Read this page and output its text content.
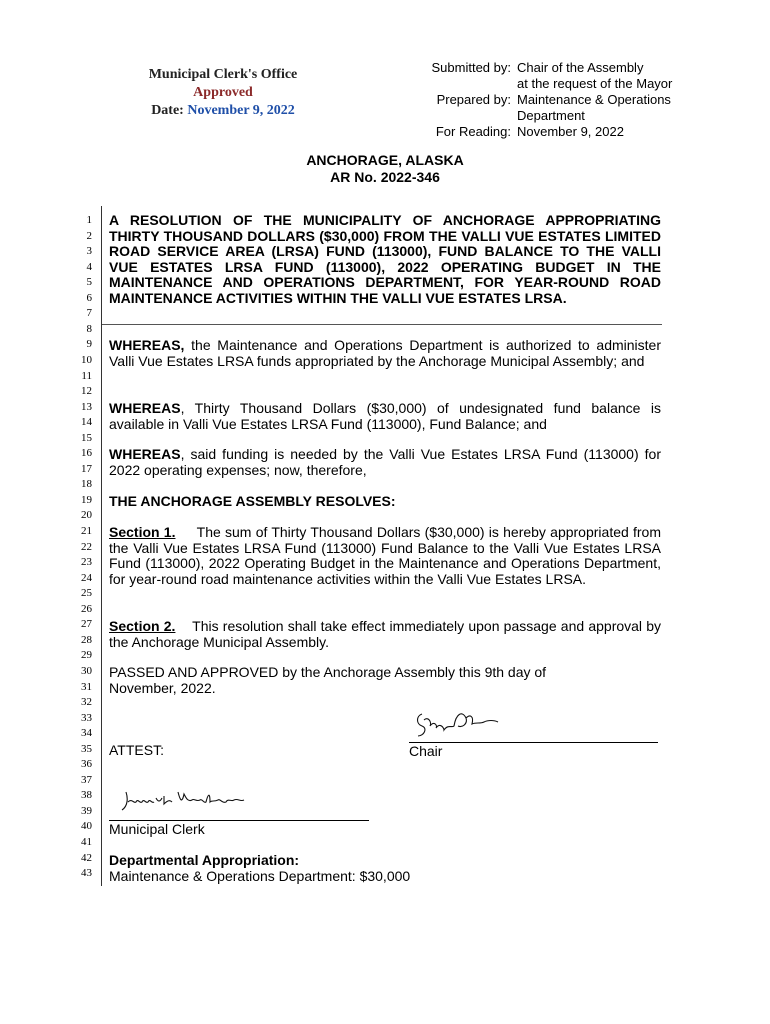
Municipal Clerk's Office
Approved
Date: November 9, 2022
Submitted by: Chair of the Assembly
at the request of the Mayor
Prepared by: Maintenance & Operations
Department
For Reading: November 9, 2022
ANCHORAGE, ALASKA
AR No. 2022-346
1
2
3
4
5
6
7
8
9
10
11
12
13
14
15
16
17
18
19
20
21
22
23
24
25
26
27
28
29
30
31
32
33
34
35
36
37
38
39
40
41
42
43
A RESOLUTION OF THE MUNICIPALITY OF ANCHORAGE APPROPRIATING THIRTY THOUSAND DOLLARS ($30,000) FROM THE VALLI VUE ESTATES LIMITED ROAD SERVICE AREA (LRSA) FUND (113000), FUND BALANCE TO THE VALLI VUE ESTATES LRSA FUND (113000), 2022 OPERATING BUDGET IN THE MAINTENANCE AND OPERATIONS DEPARTMENT, FOR YEAR-ROUND ROAD MAINTENANCE ACTIVITIES WITHIN THE VALLI VUE ESTATES LRSA.
WHEREAS, the Maintenance and Operations Department is authorized to administer Valli Vue Estates LRSA funds appropriated by the Anchorage Municipal Assembly; and
WHEREAS, Thirty Thousand Dollars ($30,000) of undesignated fund balance is available in Valli Vue Estates LRSA Fund (113000), Fund Balance; and
WHEREAS, said funding is needed by the Valli Vue Estates LRSA Fund (113000) for 2022 operating expenses; now, therefore,
THE ANCHORAGE ASSEMBLY RESOLVES:
Section 1. The sum of Thirty Thousand Dollars ($30,000) is hereby appropriated from the Valli Vue Estates LRSA Fund (113000) Fund Balance to the Valli Vue Estates LRSA Fund (113000), 2022 Operating Budget in the Maintenance and Operations Department, for year-round road maintenance activities within the Valli Vue Estates LRSA.
Section 2. This resolution shall take effect immediately upon passage and approval by the Anchorage Municipal Assembly.
PASSED AND APPROVED by the Anchorage Assembly this 9th day of
November, 2022.
ATTEST:	Chair
Municipal Clerk
Departmental Appropriation:
Maintenance & Operations Department: $30,000
